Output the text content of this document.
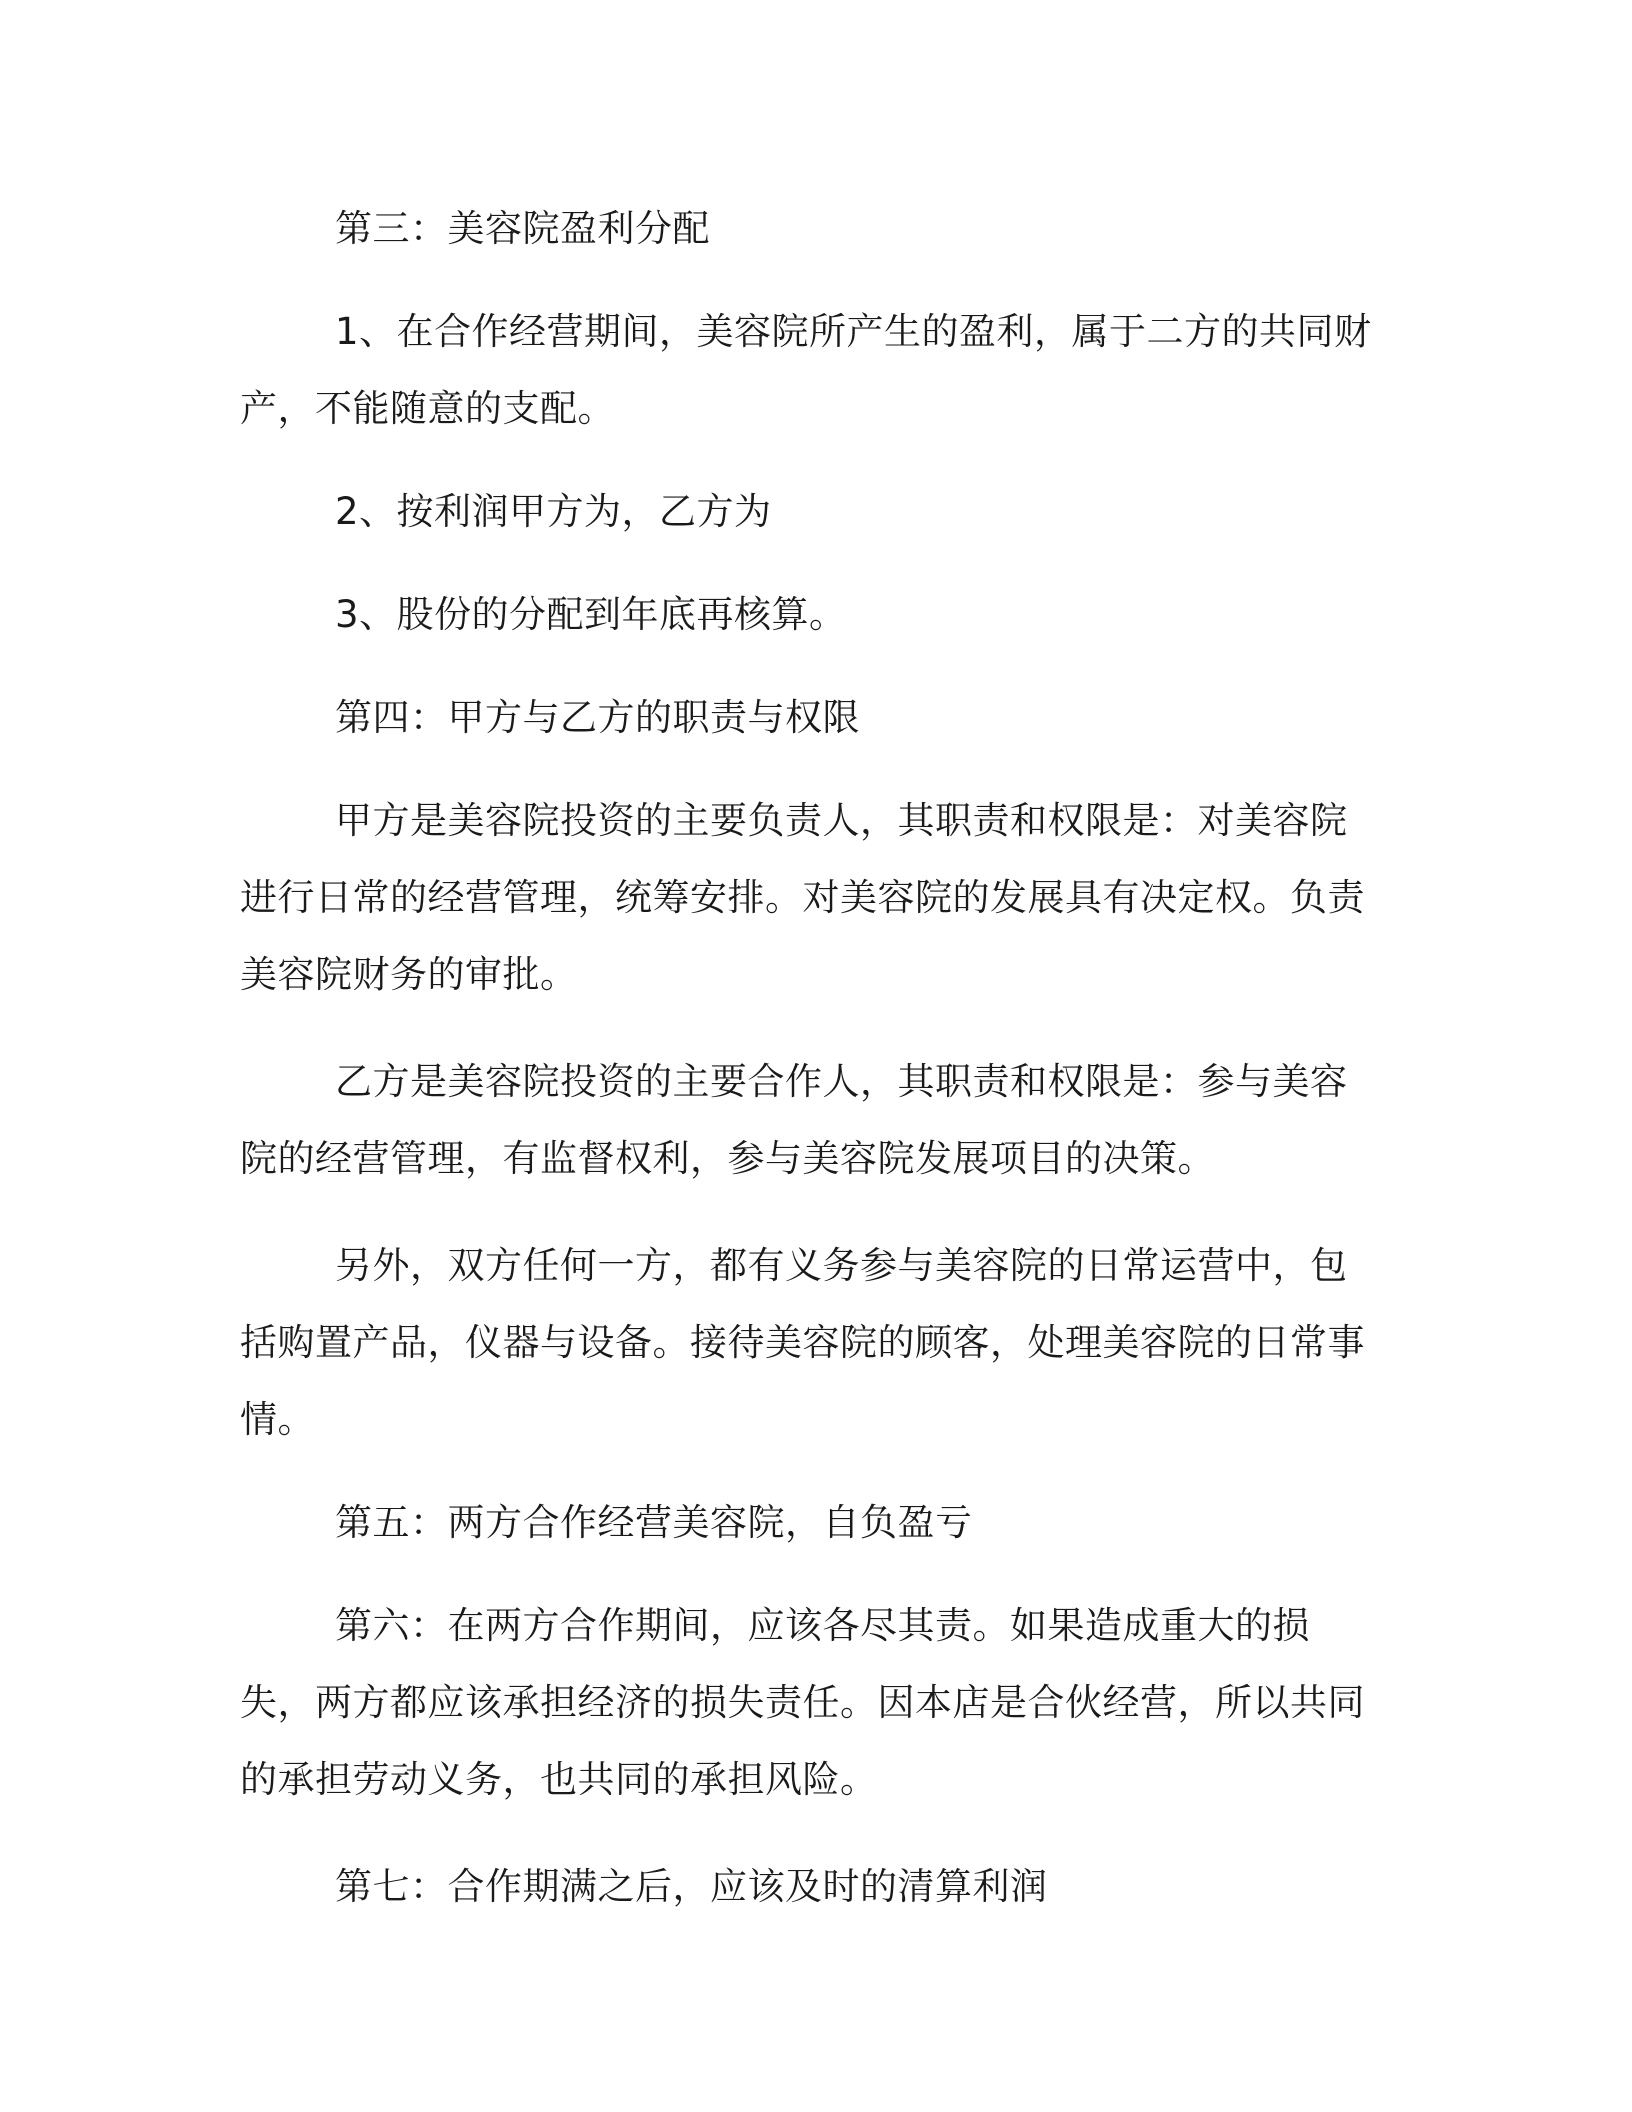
第三：美容院盈利分配

1、在合作经营期间，美容院所产生的盈利，属于二方的共同财产，不能随意的支配。

2、按利润甲方为，乙方为

3、股份的分配到年底再核算。

第四：甲方与乙方的职责与权限

甲方是美容院投资的主要负责人，其职责和权限是：对美容院进行日常的经营管理，统筹安排。对美容院的发展具有决定权。负责美容院财务的审批。

乙方是美容院投资的主要合作人，其职责和权限是：参与美容院的经营管理，有监督权利，参与美容院发展项目的决策。

另外，双方任何一方，都有义务参与美容院的日常运营中，包括购置产品，仪器与设备。接待美容院的顾客，处理美容院的日常事情。

第五：两方合作经营美容院，自负盈亏

第六：在两方合作期间，应该各尽其责。如果造成重大的损失，两方都应该承担经济的损失责任。因本店是合伙经营，所以共同的承担劳动义务，也共同的承担风险。

第七：合作期满之后，应该及时的清算利润
